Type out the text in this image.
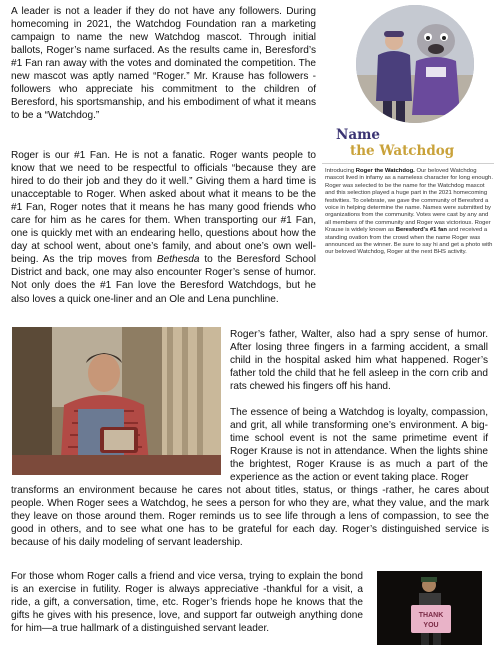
A leader is not a leader if they do not have any followers. During homecoming in 2021, the Watchdog Foundation ran a marketing campaign to name the new Watchdog mascot. Through initial ballots, Roger’s name surfaced. As the results came in, Beresford’s #1 Fan ran away with the votes and dominated the competition. The new mascot was aptly named “Roger.” Mr. Krause has followers -followers who appreciate his commitment to the children of Beresford, his sportsmanship, and his embodiment of what it means to be a “Watchdog.”

Roger is our #1 Fan. He is not a fanatic. Roger wants people to know that we need to be respectful to officials “because they are hired to do their job and they do it well.” Giving them a hard time is unacceptable to Roger. When asked about what it means to be the #1 Fan, Roger notes that it means he has many good friends who care for him as he cares for them. When transporting our #1 Fan, one is quickly met with an endearing hello, questions about how the day at school went, about one’s family, and about one’s own well-being. As the trip moves from Bethesda to the Beresford School District and back, one may also encounter Roger’s sense of humor. Not only does the #1 Fan love the Beresford Watchdogs, but he also loves a quick one-liner and an Ole and Lena punchline.

Name
the Watchdog

Introducing Roger the Watchdog. Our beloved Watchdog mascot lived in infamy as a nameless character for long enough. Roger was selected to be the name for the Watchdog mascot and this selection played a huge part in the 2021 homecoming festivities. To celebrate, we gave the community of Beresford a voice in helping determine the name. Names were submitted by organizations from the community. Votes were cast by any and all members of the community and Roger was victorious. Roger Krause is widely known as Beresford’s #1 fan and received a standing ovation from the crowd when the name Roger was announced as the winner. Be sure to say hi and get a photo with our beloved Watchdog, Roger at the next BHS activity.

Roger’s father, Walter, also had a spry sense of humor. After losing three fingers in a farming accident, a small child in the hospital asked him what happened. Roger’s father told the child that he fell asleep in the corn crib and rats chewed his fingers off his hand.

The essence of being a Watchdog is loyalty, compassion, and grit, all while transforming one’s environment. A big-time school event is not the same primetime event if Roger Krause is not in attendance. When the lights shine the brightest, Roger Krause is as much a part of the experience as the action or event taking place. Roger

transforms an environment because he cares not about titles, status, or things -rather, he cares about people. When Roger sees a Watchdog, he sees a person for who they are, what they value, and the mark they leave on those around them. Roger reminds us to see life through a lens of compassion, to see the good in others, and to see what one has to be grateful for each day. Roger’s distinguished service is because of his daily modeling of servant leadership.

For those whom Roger calls a friend and vice versa, trying to explain the bond is an exercise in futility. Roger is always appreciative -thankful for a visit, a ride, a gift, a conversation, time, etc. Roger’s friends hope he knows that the gifts he gives with his presence, love, and support far outweigh anything done for him—a true hallmark of a distinguished servant leader.

THANK
YOU
